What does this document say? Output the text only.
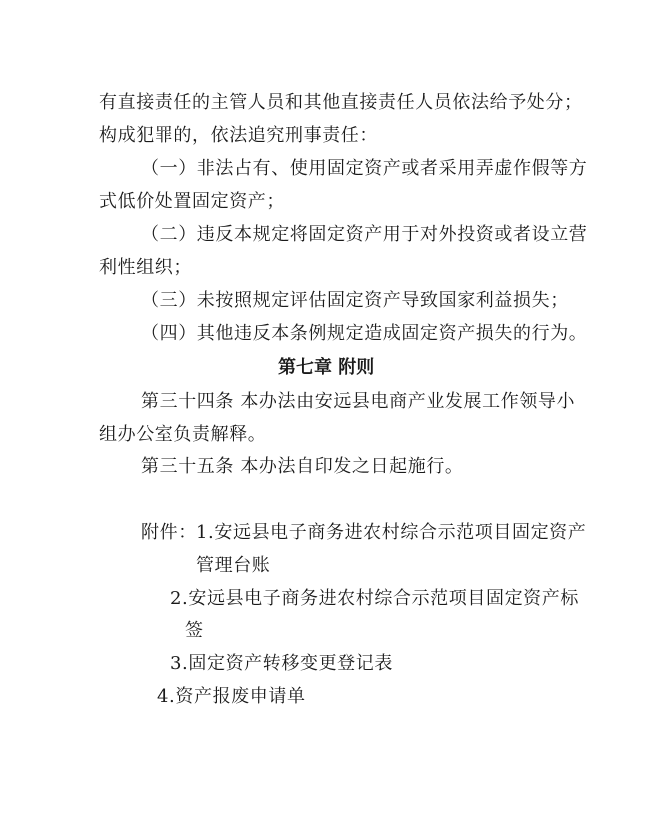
有直接责任的主管人员和其他直接责任人员依法给予处分；
构成犯罪的，依法追究刑事责任：
（一）非法占有、使用固定资产或者采用弄虚作假等方
式低价处置固定资产；
（二）违反本规定将固定资产用于对外投资或者设立营
利性组织；
（三）未按照规定评估固定资产导致国家利益损失；
（四）其他违反本条例规定造成固定资产损失的行为。
第七章 附则
第三十四条 本办法由安远县电商产业发展工作领导小
组办公室负责解释。
第三十五条 本办法自印发之日起施行。
附件： 1.安远县电子商务进农村综合示范项目固定资产
管理台账
2.安远县电子商务进农村综合示范项目固定资产标
签
3.固定资产转移变更登记表
4.资产报废申请单
